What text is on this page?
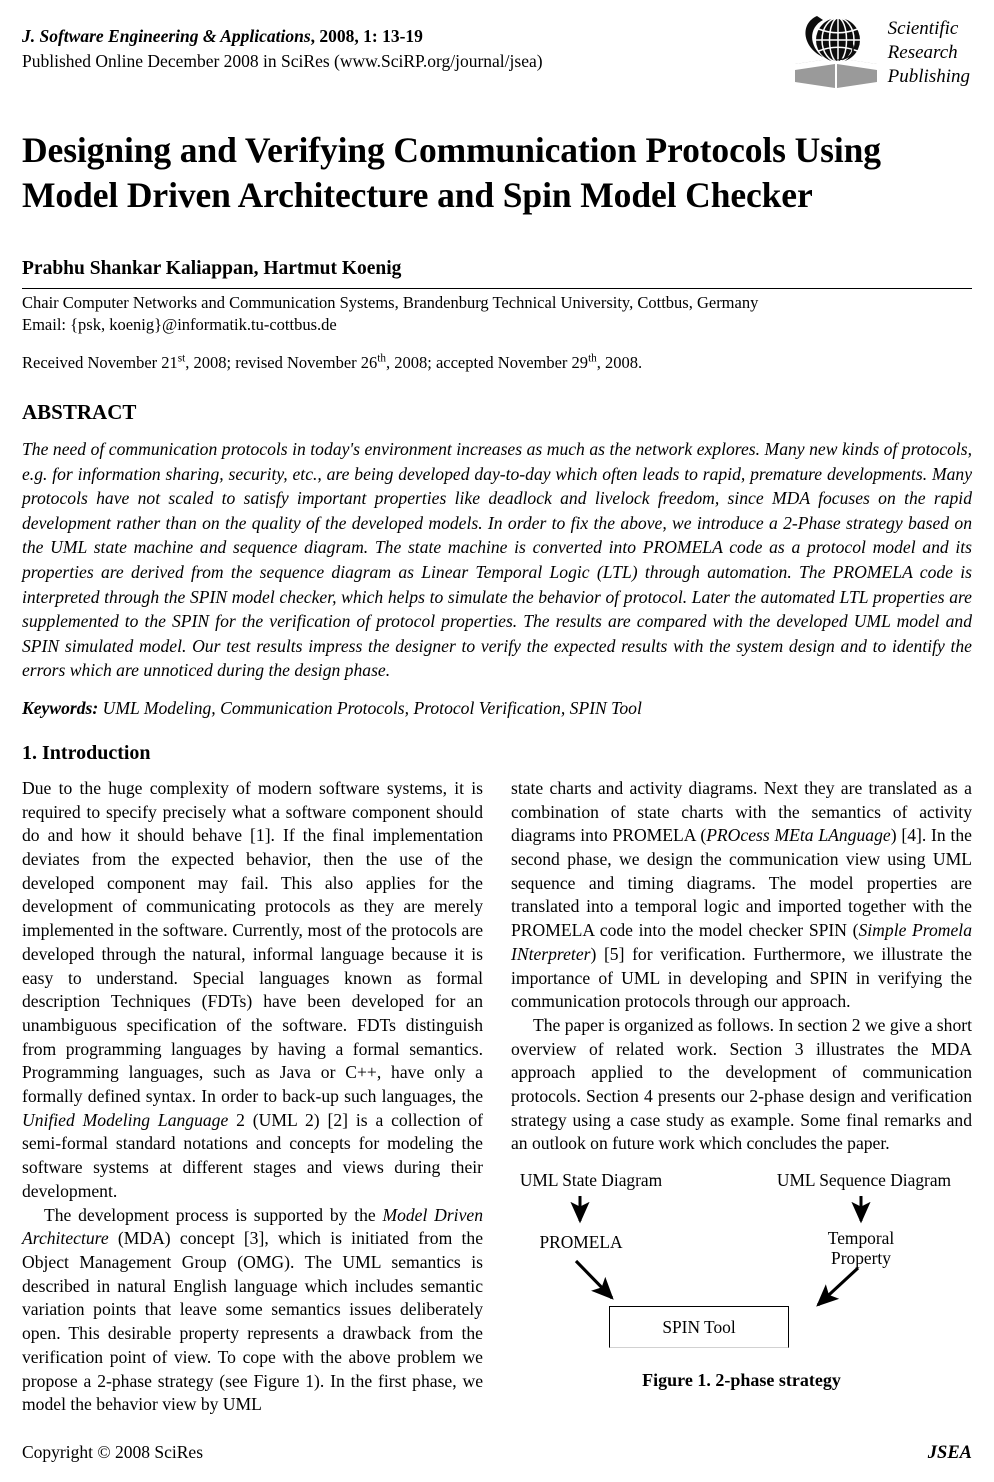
J. Software Engineering & Applications, 2008, 1: 13-19
Published Online December 2008 in SciRes (www.SciRP.org/journal/jsea)
Scientific
Research
Publishing
Designing and Verifying Communication Protocols Using Model Driven Architecture and Spin Model Checker
Prabhu Shankar Kaliappan, Hartmut Koenig
Chair Computer Networks and Communication Systems, Brandenburg Technical University, Cottbus, Germany
Email: {psk, koenig}@informatik.tu-cottbus.de
Received November 21st, 2008; revised November 26th, 2008; accepted November 29th, 2008.
ABSTRACT
The need of communication protocols in today's environment increases as much as the network explores. Many new kinds of protocols, e.g. for information sharing, security, etc., are being developed day-to-day which often leads to rapid, premature developments. Many protocols have not scaled to satisfy important properties like deadlock and livelock freedom, since MDA focuses on the rapid development rather than on the quality of the developed models. In order to fix the above, we introduce a 2-Phase strategy based on the UML state machine and sequence diagram. The state machine is converted into PROMELA code as a protocol model and its properties are derived from the sequence diagram as Linear Temporal Logic (LTL) through automation. The PROMELA code is interpreted through the SPIN model checker, which helps to simulate the behavior of protocol. Later the automated LTL properties are supplemented to the SPIN for the verification of protocol properties. The results are compared with the developed UML model and SPIN simulated model. Our test results impress the designer to verify the expected results with the system design and to identify the errors which are unnoticed during the design phase.
Keywords: UML Modeling, Communication Protocols, Protocol Verification, SPIN Tool
1. Introduction

Due to the huge complexity of modern software systems, it is required to specify precisely what a software component should do and how it should behave [1]. If the final implementation deviates from the expected behavior, then the use of the developed component may fail. This also applies for the development of communicating protocols as they are merely implemented in the software. Currently, most of the protocols are developed through the natural, informal language because it is easy to understand. Special languages known as formal description Techniques (FDTs) have been developed for an unambiguous specification of the software. FDTs distinguish from programming languages by having a formal semantics. Programming languages, such as Java or C++, have only a formally defined syntax. In order to back-up such languages, the Unified Modeling Language 2 (UML 2) [2] is a collection of semi-formal standard notations and concepts for modeling the software systems at different stages and views during their development.

The development process is supported by the Model Driven Architecture (MDA) concept [3], which is initiated from the Object Management Group (OMG). The UML semantics is described in natural English language which includes semantic variation points that leave some semantics issues deliberately open. This desirable property represents a drawback from the verification point of view. To cope with the above problem we propose a 2-phase strategy (see Figure 1). In the first phase, we model the behavior view by UML

state charts and activity diagrams. Next they are translated as a combination of state charts with the semantics of activity diagrams into PROMELA (PROcess MEta LAnguage) [4]. In the second phase, we design the communication view using UML sequence and timing diagrams. The model properties are translated into a temporal logic and imported together with the PROMELA code into the model checker SPIN (Simple Promela INterpreter) [5] for verification. Furthermore, we illustrate the importance of UML in developing and SPIN in verifying the communication protocols through our approach.

The paper is organized as follows. In section 2 we give a short overview of related work. Section 3 illustrates the MDA approach applied to the development of communication protocols. Section 4 presents our 2-phase design and verification strategy using a case study as example. Some final remarks and an outlook on future work which concludes the paper.

UML State Diagram	UML Sequence Diagram
PROMELA	Temporal
Property
SPIN Tool
Figure 1. 2-phase strategy
Copyright © 2008 SciRes	JSEA
